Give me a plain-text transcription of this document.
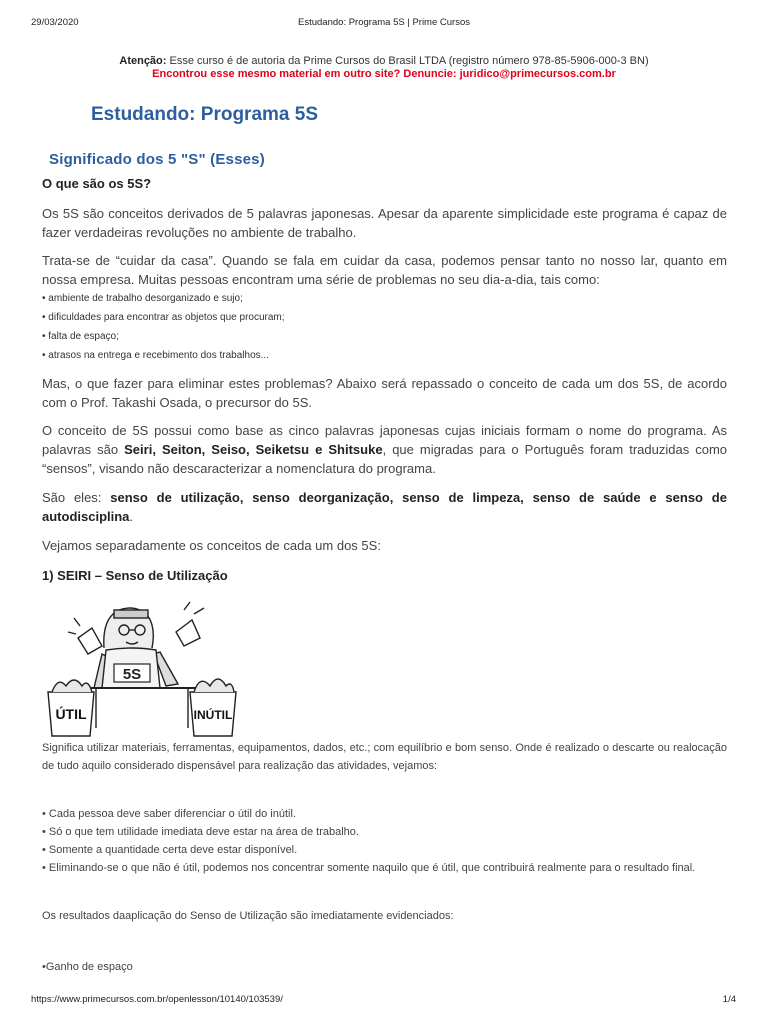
29/03/2020	Estudando: Programa 5S | Prime Cursos
Atenção: Esse curso é de autoria da Prime Cursos do Brasil LTDA (registro número 978-85-5906-000-3 BN)
Encontrou esse mesmo material em outro site? Denuncie: juridico@primecursos.com.br
Estudando: Programa 5S
Significado dos 5 "S" (Esses)
O que são os 5S?
Os 5S são conceitos derivados de 5 palavras japonesas. Apesar da aparente simplicidade este programa é capaz de fazer verdadeiras revoluções no ambiente de trabalho.
Trata-se de “cuidar da casa”. Quando se fala em cuidar da casa, podemos pensar tanto no nosso lar, quanto em nossa empresa. Muitas pessoas encontram uma série de problemas no seu dia-a-dia, tais como:
• ambiente de trabalho desorganizado e sujo;
• dificuldades para encontrar as objetos que procuram;
• falta de espaço;
• atrasos na entrega e recebimento dos trabalhos...
Mas, o que fazer para eliminar estes problemas? Abaixo será repassado o conceito de cada um dos 5S, de acordo com o Prof. Takashi Osada, o precursor do 5S.
O conceito de 5S possui como base as cinco palavras japonesas cujas iniciais formam o nome do programa. As palavras são Seiri, Seiton, Seiso, Seiketsu e Shitsuke, que migradas para o Português foram traduzidas como “sensos”, visando não descaracterizar a nomenclatura do programa.
São eles: senso de utilização, senso deorganização, senso de limpeza, senso de saúde e senso de autodisciplina.
Vejamos separadamente os conceitos de cada um dos 5S:
1) SEIRI – Senso de Utilização
5S
ÚTIL	INÚTIL
Significa utilizar materiais, ferramentas, equipamentos, dados, etc.; com equilíbrio e bom senso. Onde é realizado o descarte ou realocação de tudo aquilo considerado dispensável para realização das atividades, vejamos:
• Cada pessoa deve saber diferenciar o útil do inútil.
• Só o que tem utilidade imediata deve estar na área de trabalho.
• Somente a quantidade certa deve estar disponível.
• Eliminando-se o que não é útil, podemos nos concentrar somente naquilo que é útil, que contribuirá realmente para o resultado final.
Os resultados daaplicação do Senso de Utilização são imediatamente evidenciados:
•Ganho de espaço
https://www.primecursos.com.br/openlesson/10140/103539/	1/4
